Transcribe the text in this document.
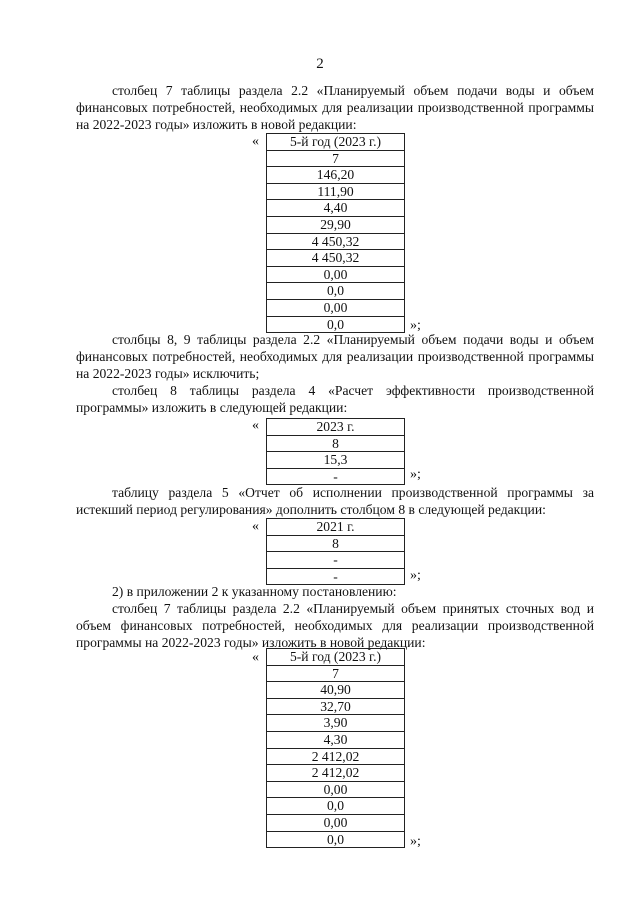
2
столбец 7 таблицы раздела 2.2 «Планируемый объем подачи воды и объем финансовых потребностей, необходимых для реализации производственной программы на 2022-2023 годы» изложить в новой редакции:
« 5-й год (2023 г.)
7
146,20
111,90
4,40
29,90
4 450,32
4 450,32
0,00
0,0
0,00
0,0	»;
столбцы 8, 9 таблицы раздела 2.2 «Планируемый объем подачи воды и объем финансовых потребностей, необходимых для реализации производственной программы на 2022-2023 годы» исключить;
столбец 8 таблицы раздела 4 «Расчет эффективности производственной программы» изложить в следующей редакции:
«	2023 г.
8
15,3
-	»;
таблицу раздела 5 «Отчет об исполнении производственной программы за истекший период регулирования» дополнить столбцом 8 в следующей редакции:
«	2021 г.
8
-
-	»;
2) в приложении 2 к указанному постановлению:
столбец 7 таблицы раздела 2.2 «Планируемый объем принятых сточных вод и объем финансовых потребностей, необходимых для реализации производственной программы на 2022-2023 годы» изложить в новой редакции:
« 5-й год (2023 г.)
7
40,90
32,70
3,90
4,30
2 412,02
2 412,02
0,00
0,0
0,00
0,0	»;
